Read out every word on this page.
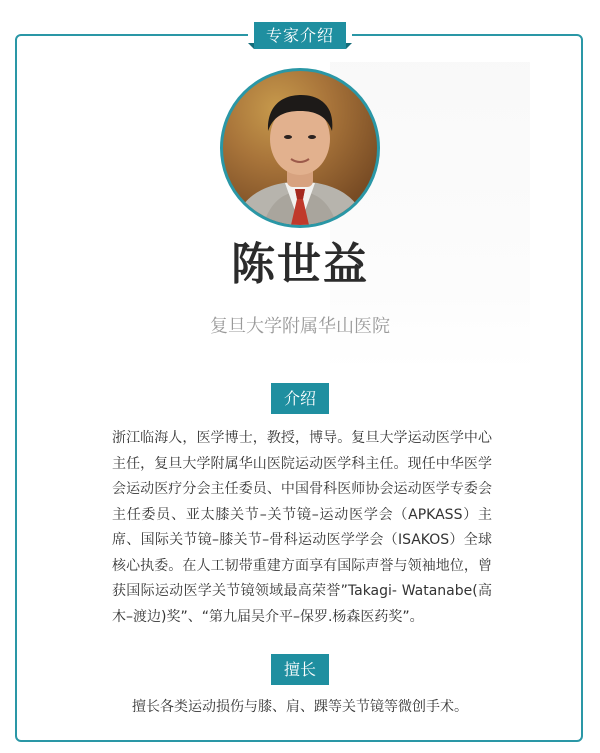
专家介绍
陈世益
复旦大学附属华山医院
介绍
浙江临海人，医学博士，教授，博导。复旦大学运动医学中心主任，复旦大学附属华山医院运动医学科主任。现任中华医学会运动医疗分会主任委员、中国骨科医师协会运动医学专委会主任委员、亚太膝关节–关节镜–运动医学会（APKASS）主席、国际关节镜–膝关节–骨科运动医学学会（ISAKOS）全球核心执委。在人工韧带重建方面享有国际声誉与领袖地位，曾获国际运动医学关节镜领域最高荣誉”Takagi- Watanabe(高木–渡边)奖”、“第九届吴介平–保罗.杨森医药奖”。
擅长
擅长各类运动损伤与膝、肩、踝等关节镜等微创手术。
